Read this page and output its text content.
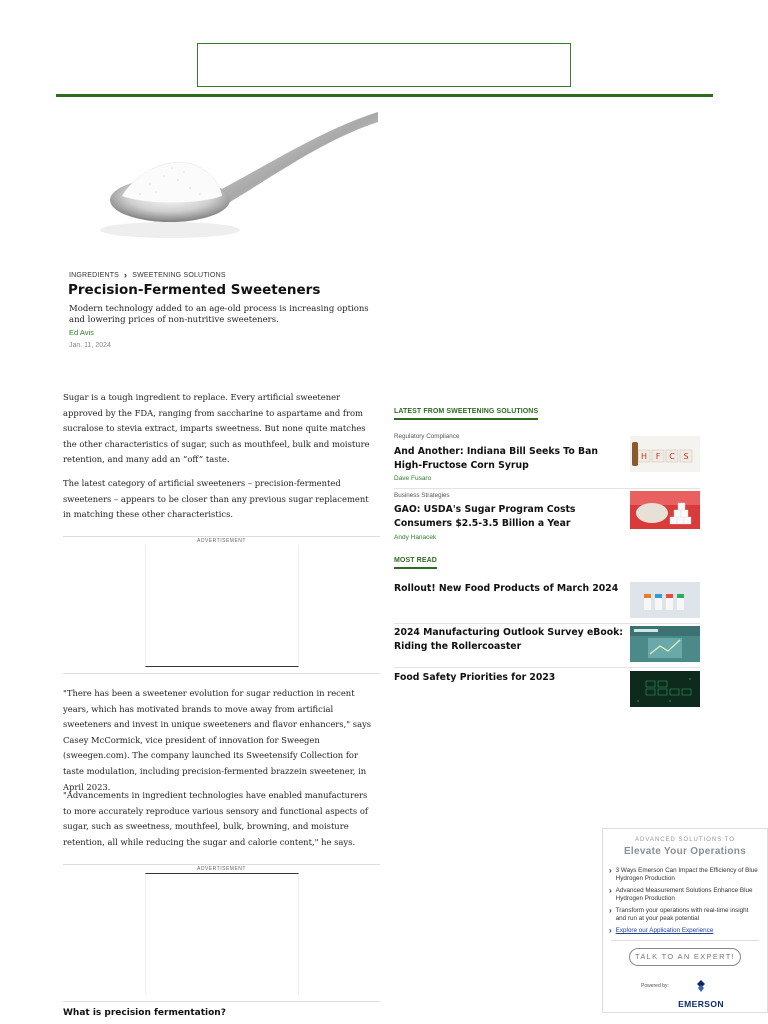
INGREDIENTS › SWEETENING SOLUTIONS
Precision-Fermented Sweeteners
Modern technology added to an age-old process is increasing options and lowering prices of non-nutritive sweeteners.
Ed Avis
Jan. 11, 2024

Sugar is a tough ingredient to replace. Every artificial sweetener approved by the FDA, ranging from saccharine to aspartame and from sucralose to stevia extract, imparts sweetness. But none quite matches the other characteristics of sugar, such as mouthfeel, bulk and moisture retention, and many add an “off” taste.

The latest category of artificial sweeteners – precision-fermented sweeteners – appears to be closer than any previous sugar replacement in matching these other characteristics.

ADVERTISEMENT

"There has been a sweetener evolution for sugar reduction in recent years, which has motivated brands to move away from artificial sweeteners and invest in unique sweeteners and flavor enhancers," says Casey McCormick, vice president of innovation for Sweegen (sweegen.com). The company launched its Sweetensify Collection for taste modulation, including precision-fermented brazzein sweetener, in April 2023.

"Advancements in ingredient technologies have enabled manufacturers to more accurately reproduce various sensory and functional aspects of sugar, such as sweetness, mouthfeel, bulk, browning, and moisture retention, all while reducing the sugar and calorie content," he says.

ADVERTISEMENT
What is precision fermentation?
LATEST FROM SWEETENING SOLUTIONS
Regulatory Compliance
And Another: Indiana Bill Seeks To Ban High-Fructose Corn Syrup
Dave Fusaro
H F C S
Business Strategies
GAO: USDA's Sugar Program Costs Consumers $2.5-3.5 Billion a Year
Andy Hanacek
MOST READ
Rollout! New Food Products of March 2024
2024 Manufacturing Outlook Survey eBook: Riding the Rollercoaster
Food Safety Priorities for 2023
ADVANCED SOLUTIONS TO
Elevate Your Operations
› 3 Ways Emerson Can Impact the Efficiency of Blue Hydrogen Production
› Advanced Measurement Solutions Enhance Blue Hydrogen Production
› Transform your operations with real-time insight and run at your peak potential
› Explore our Application Experience
TALK TO AN EXPERT!
Powered by:
EMERSON
